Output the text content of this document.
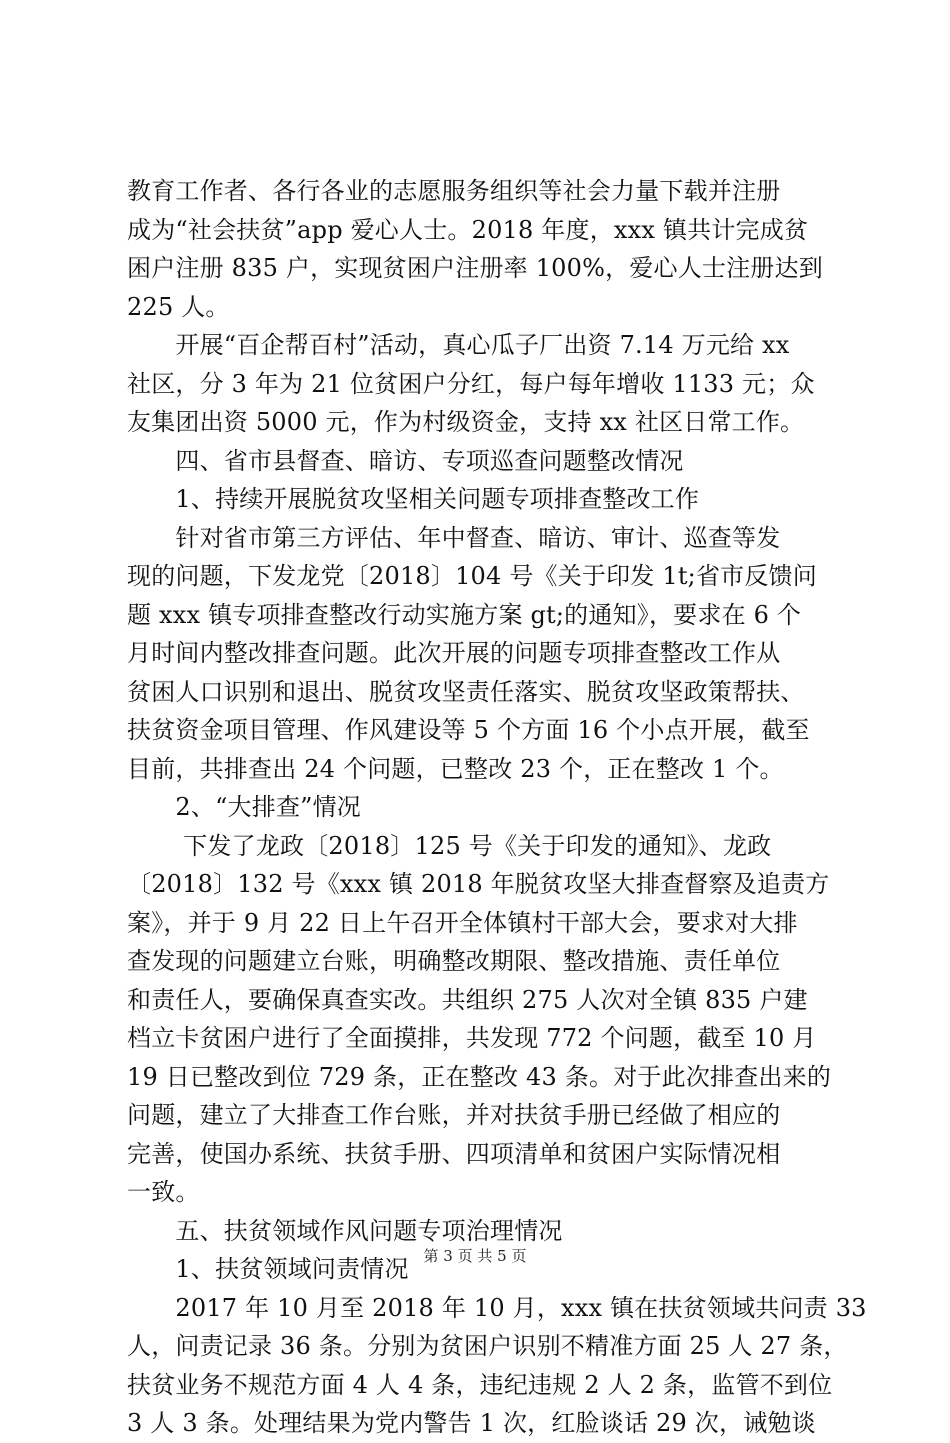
教育工作者、各行各业的志愿服务组织等社会力量下载并注册
成为“社会扶贫”app 爱心人士。2018 年度，xxx 镇共计完成贫
困户注册 835 户，实现贫困户注册率 100%，爱心人士注册达到
225 人。
　　开展“百企帮百村”活动，真心瓜子厂出资 7.14 万元给 xx
社区，分 3 年为 21 位贫困户分红，每户每年增收 1133 元；众
友集团出资 5000 元，作为村级资金，支持 xx 社区日常工作。
　　四、省市县督查、暗访、专项巡查问题整改情况
　　1、持续开展脱贫攻坚相关问题专项排查整改工作
　　针对省市第三方评估、年中督查、暗访、审计、巡查等发
现的问题，下发龙党〔2018〕104 号《关于印发 1t;省市反馈问
题 xxx 镇专项排查整改行动实施方案 gt;的通知》，要求在 6 个
月时间内整改排查问题。此次开展的问题专项排查整改工作从
贫困人口识别和退出、脱贫攻坚责任落实、脱贫攻坚政策帮扶、
扶贫资金项目管理、作风建设等 5 个方面 16 个小点开展，截至
目前，共排查出 24 个问题，已整改 23 个，正在整改 1 个。
　　2、“大排查”情况
　　 下发了龙政〔2018〕125 号《关于印发的通知》、龙政
〔2018〕132 号《xxx 镇 2018 年脱贫攻坚大排查督察及追责方
案》，并于 9 月 22 日上午召开全体镇村干部大会，要求对大排
查发现的问题建立台账，明确整改期限、整改措施、责任单位
和责任人，要确保真查实改。共组织 275 人次对全镇 835 户建
档立卡贫困户进行了全面摸排，共发现 772 个问题，截至 10 月
19 日已整改到位 729 条，正在整改 43 条。对于此次排查出来的
问题，建立了大排查工作台账，并对扶贫手册已经做了相应的
完善，使国办系统、扶贫手册、四项清单和贫困户实际情况相
一致。
　　五、扶贫领域作风问题专项治理情况
　　1、扶贫领域问责情况
　　2017 年 10 月至 2018 年 10 月，xxx 镇在扶贫领域共问责 33
人，问责记录 36 条。分别为贫困户识别不精准方面 25 人 27 条，
扶贫业务不规范方面 4 人 4 条，违纪违规 2 人 2 条，监管不到位
3 人 3 条。处理结果为党内警告 1 次，红脸谈话 29 次，诫勉谈
第 3 页 共 5 页
